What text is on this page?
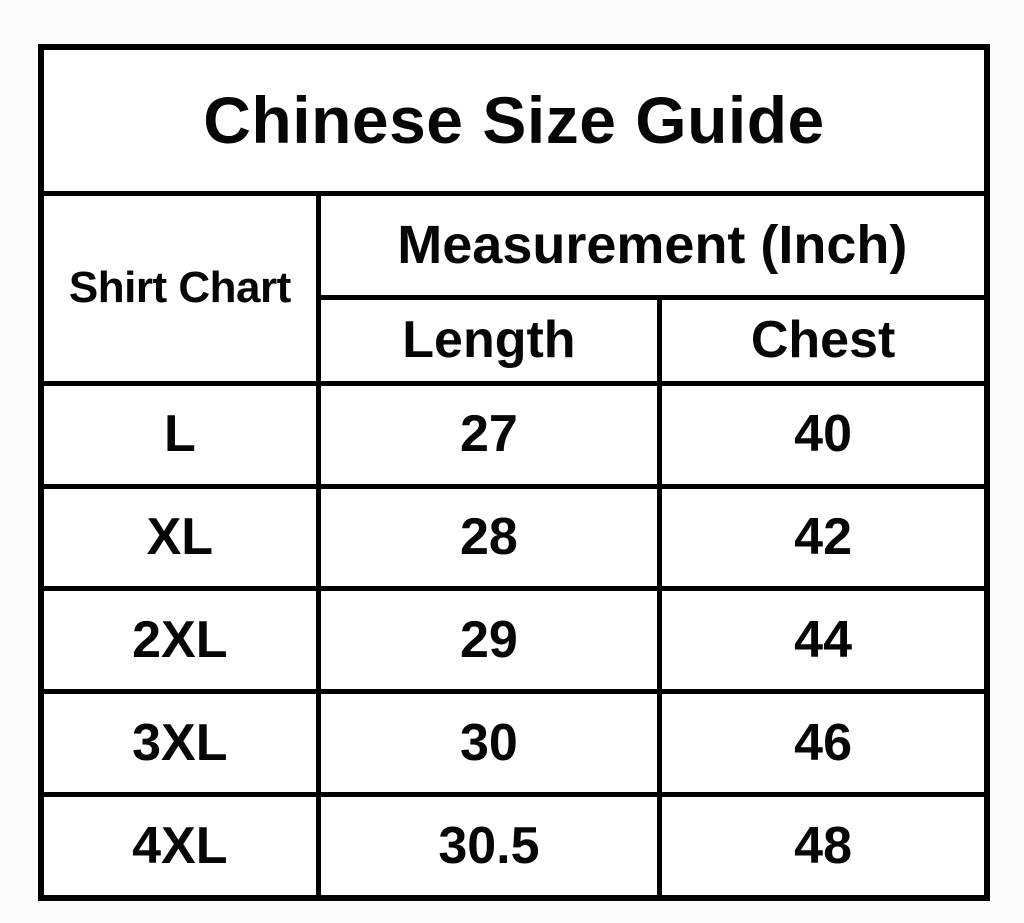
Chinese Size Guide		
Shirt Chart	Measurement (Inch)	
	Length	Chest
L	27	40
XL	28	42
2XL	29	44
3XL	30	46
4XL	30.5	48
